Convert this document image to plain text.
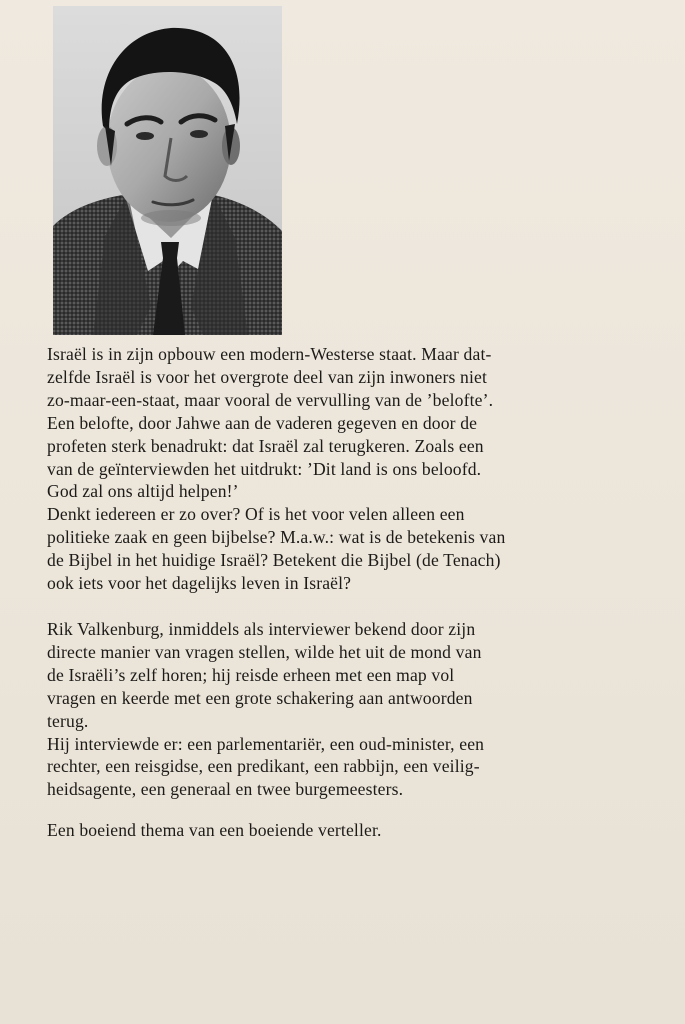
Israël is in zijn opbouw een modern-Westerse staat. Maar dat-
zelfde Israël is voor het overgrote deel van zijn inwoners niet
zo-maar-een-staat, maar vooral de vervulling van de ’belofte’.
Een belofte, door Jahwe aan de vaderen gegeven en door de
profeten sterk benadrukt: dat Israël zal terugkeren. Zoals een
van de geïnterviewden het uitdrukt: ’Dit land is ons beloofd.
God zal ons altijd helpen!’
Denkt iedereen er zo over? Of is het voor velen alleen een
politieke zaak en geen bijbelse? M.a.w.: wat is de betekenis van
de Bijbel in het huidige Israël? Betekent die Bijbel (de Tenach)
ook iets voor het dagelijks leven in Israël?
Rik Valkenburg, inmiddels als interviewer bekend door zijn
directe manier van vragen stellen, wilde het uit de mond van
de Israëli’s zelf horen; hij reisde erheen met een map vol
vragen en keerde met een grote schakering aan antwoorden
terug.
Hij interviewde er: een parlementariër, een oud-minister, een
rechter, een reisgidse, een predikant, een rabbijn, een veilig-
heidsagente, een generaal en twee burgemeesters.
Een boeiend thema van een boeiende verteller.
